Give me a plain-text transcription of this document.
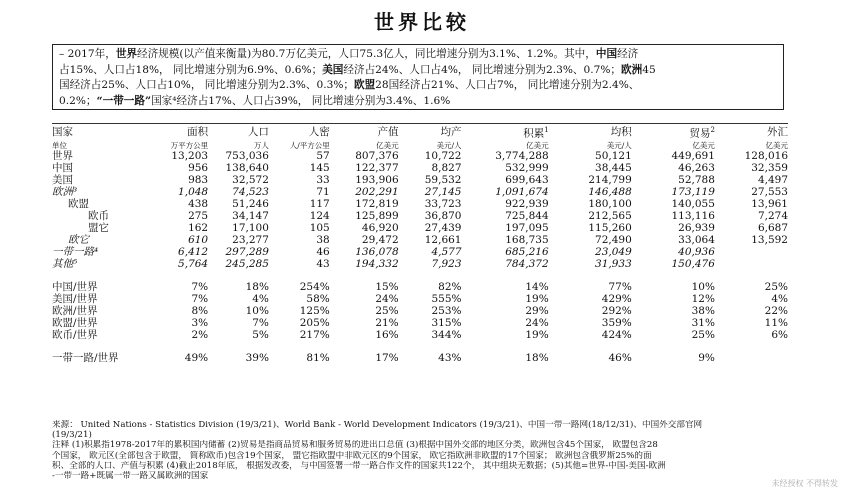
世界比较
– 2017年，世界经济规模(以产值来衡量)为80.7万亿美元，人口75.3亿人，同比增速分别为3.1%、1.2%。其中，中国经济
占15%、人口占18%， 同比增速分别为6.9%、0.6%；美国经济占24%、人口占4%， 同比增速分别为2.3%、0.7%；欧洲45
国经济占25%、人口占10%， 同比增速分别为2.3%、0.3%；欧盟28国经济占21%、人口占7%， 同比增速分别为2.4%、
0.2%；“一带一路”国家⁴经济占17%、人口占39%， 同比增速分别为3.4%、1.6%
国家	面积	人口	人密	产值	均产	积累$^1$	均积	贸易$^2$	外汇
单位	万平方公里	万人	人/平方公里	亿美元	美元/人	亿美元	美元/人	亿美元	亿美元
世界	13,203	753,036	57	807,376	10,722	3,774,288	50,121	449,691	128,016
中国	956	138,640	145	122,377	8,827	532,999	38,445	46,263	32,359
美国	983	32,572	33	193,906	59,532	699,643	214,799	52,788	4,497
欧洲³	1,048	74,523	71	202,291	27,145	1,091,674	146,488	173,119	27,553
欧盟	438	51,246	117	172,819	33,723	922,939	180,100	140,055	13,961
欧币	275	34,147	124	125,899	36,870	725,844	212,565	113,116	7,274
盟它	162	17,100	105	46,920	27,439	197,095	115,260	26,939	6,687
欧它	610	23,277	38	29,472	12,661	168,735	72,490	33,064	13,592
一带一路⁴	6,412	297,289	46	136,078	4,577	685,216	23,049	40,936	
其他⁵	5,764	245,285	43	194,332	7,923	784,372	31,933	150,476	

中国/世界	7%	18%	254%	15%	82%	14%	77%	10%	25%
美国/世界	7%	4%	58%	24%	555%	19%	429%	12%	4%
欧洲/世界	8%	10%	125%	25%	253%	29%	292%	38%	22%
欧盟/世界	3%	7%	205%	21%	315%	24%	359%	31%	11%
欧币/世界	2%	5%	217%	16%	344%	19%	424%	25%	6%

一带一路/世界	49%	39%	81%	17%	43%	18%	46%	9%	
来源： United Nations - Statistics Division (19/3/21)、World Bank - World Development Indicators (19/3/21)、中国一带一路网(18/12/31)、中国外交部官网
(19/3/21)
注释 (1)积累指1978-2017年的累积国内储蓄 (2)贸易是指商品贸易和服务贸易的进出口总值 (3)根据中国外交部的地区分类，欧洲包含45个国家， 欧盟包含28
个国家， 欧元区(全部包含于欧盟， 简称欧币)包含19个国家， 盟它指欧盟中非欧元区的9个国家， 欧它指欧洲非欧盟的17个国家； 欧洲包含俄罗斯25%的面
积、全部的人口、产值与积累 (4)截止2018年底， 根据发改委， 与中国签署一带一路合作文件的国家共122个， 其中组块无数据；(5)其他=世界-中国-美国-欧洲
-一带一路+既属一带一路又属欧洲的国家
未经授权 不得转发
